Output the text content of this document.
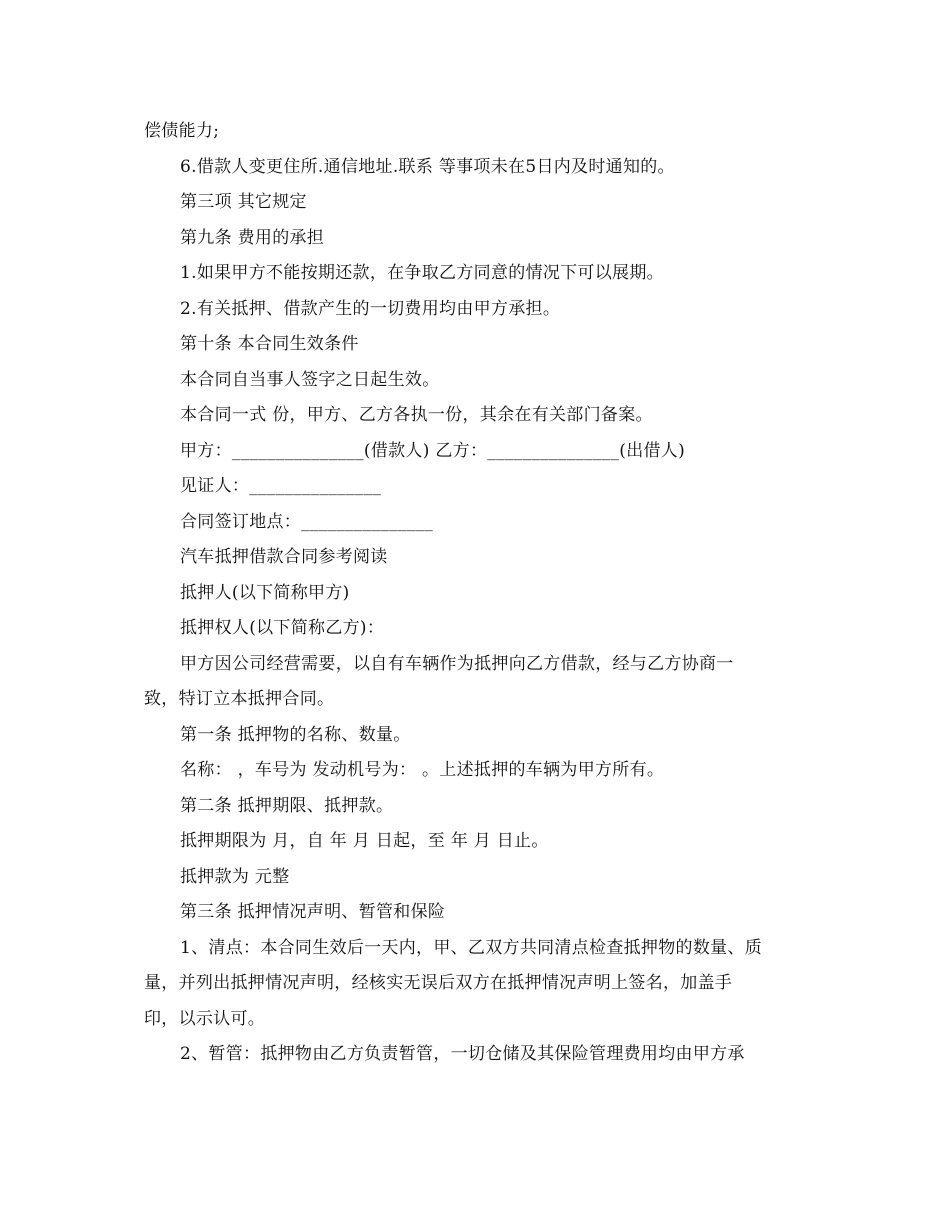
偿债能力;
6.借款人变更住所.通信地址.联系 等事项未在5日内及时通知的。
第三项 其它规定
第九条 费用的承担
1.如果甲方不能按期还款，在争取乙方同意的情况下可以展期。
2.有关抵押、借款产生的一切费用均由甲方承担。
第十条 本合同生效条件
本合同自当事人签字之日起生效。
本合同一式 份，甲方、乙方各执一份，其余在有关部门备案。
甲方：_______________(借款人) 乙方：_______________(出借人)
见证人：_______________
合同签订地点：_______________
汽车抵押借款合同参考阅读
抵押人(以下简称甲方)
抵押权人(以下简称乙方)：
甲方因公司经营需要，以自有车辆作为抵押向乙方借款，经与乙方协商一
致，特订立本抵押合同。
第一条 抵押物的名称、数量。
名称： ，车号为 发动机号为： 。上述抵押的车辆为甲方所有。
第二条 抵押期限、抵押款。
抵押期限为 月，自 年 月 日起，至 年 月 日止。
抵押款为 元整
第三条 抵押情况声明、暂管和保险
1、清点：本合同生效后一天内，甲、乙双方共同清点检查抵押物的数量、质
量，并列出抵押情况声明，经核实无误后双方在抵押情况声明上签名，加盖手
印，以示认可。
2、暂管：抵押物由乙方负责暂管，一切仓储及其保险管理费用均由甲方承
